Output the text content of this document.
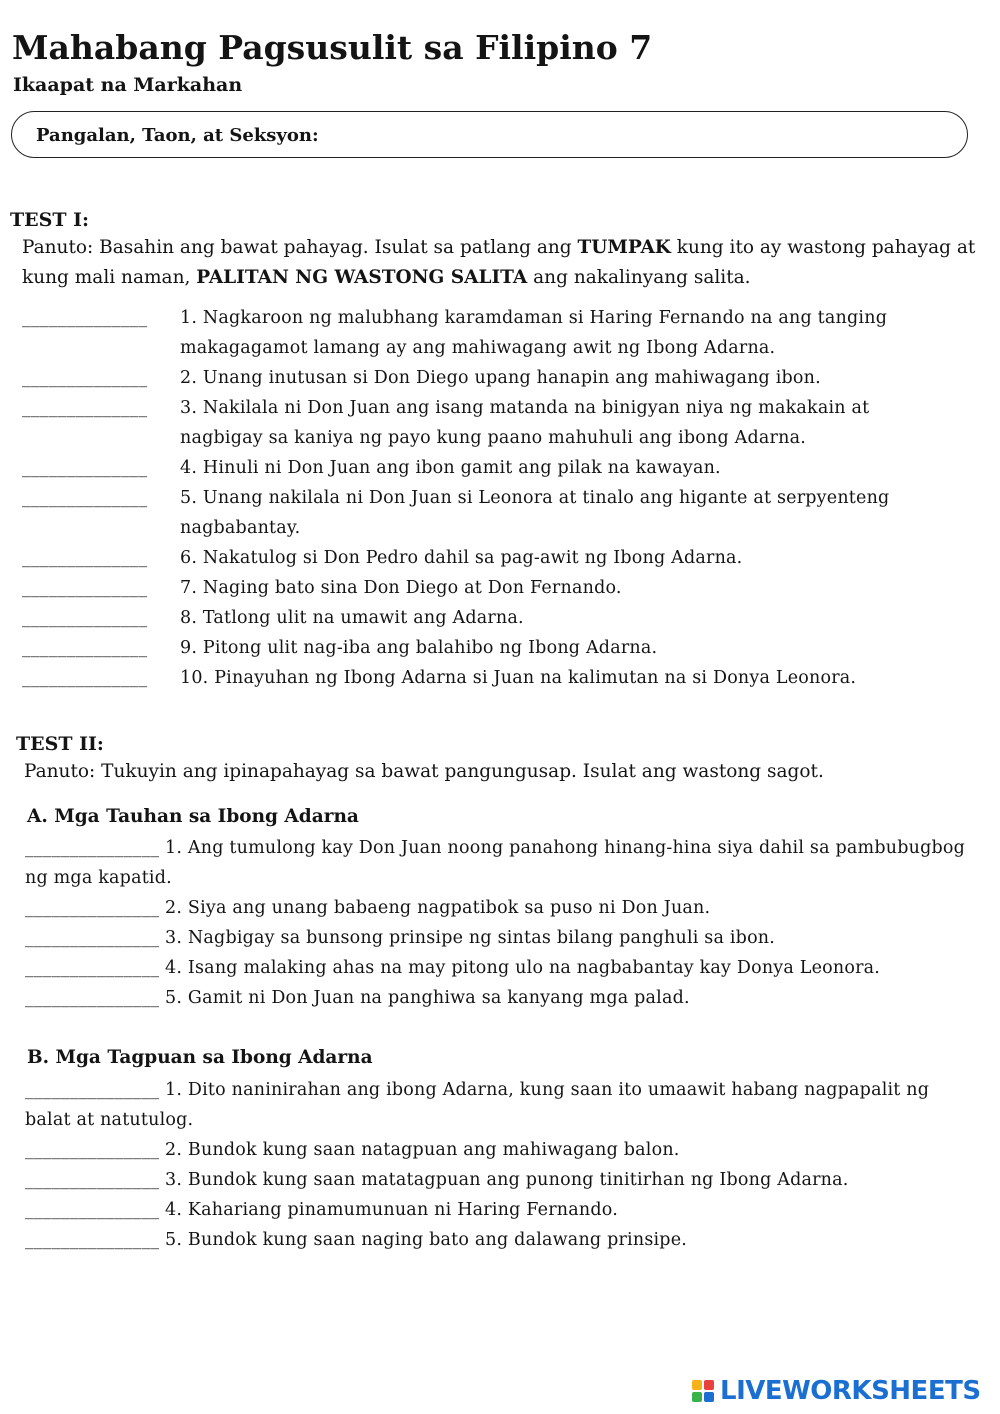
Mahabang Pagsusulit sa Filipino 7
Ikaapat na Markahan
Pangalan, Taon, at Seksyon:
TEST I:
Panuto: Basahin ang bawat pahayag. Isulat sa patlang ang TUMPAK kung ito ay wastong pahayag at kung mali naman, PALITAN NG WASTONG SALITA ang nakalinyang salita.
______________ 1. Nagkaroon ng malubhang karamdaman si Haring Fernando na ang tanging makagagamot lamang ay ang mahiwagang awit ng Ibong Adarna.
______________ 2. Unang inutusan si Don Diego upang hanapin ang mahiwagang ibon.
______________ 3. Nakilala ni Don Juan ang isang matanda na binigyan niya ng makakain at nagbigay sa kaniya ng payo kung paano mahuhuli ang ibong Adarna.
______________ 4. Hinuli ni Don Juan ang ibon gamit ang pilak na kawayan.
______________ 5. Unang nakilala ni Don Juan si Leonora at tinalo ang higante at serpyenteng nagbabantay.
______________ 6. Nakatulog si Don Pedro dahil sa pag-awit ng Ibong Adarna.
______________ 7. Naging bato sina Don Diego at Don Fernando.
______________ 8. Tatlong ulit na umawit ang Adarna.
______________ 9. Pitong ulit nag-iba ang balahibo ng Ibong Adarna.
______________ 10. Pinayuhan ng Ibong Adarna si Juan na kalimutan na si Donya Leonora.
TEST II:
Panuto: Tukuyin ang ipinapahayag sa bawat pangungusap. Isulat ang wastong sagot.
A. Mga Tauhan sa Ibong Adarna
_______________ 1. Ang tumulong kay Don Juan noong panahong hinang-hina siya dahil sa pambubugbog ng mga kapatid.
_______________ 2. Siya ang unang babaeng nagpatibok sa puso ni Don Juan.
_______________ 3. Nagbigay sa bunsong prinsipe ng sintas bilang panghuli sa ibon.
_______________ 4. Isang malaking ahas na may pitong ulo na nagbabantay kay Donya Leonora.
_______________ 5. Gamit ni Don Juan na panghiwa sa kanyang mga palad.
B. Mga Tagpuan sa Ibong Adarna
_______________ 1. Dito naninirahan ang ibong Adarna, kung saan ito umaawit habang nagpapalit ng balat at natutulog.
_______________ 2. Bundok kung saan natagpuan ang mahiwagang balon.
_______________ 3. Bundok kung saan matatagpuan ang punong tinitirhan ng Ibong Adarna.
_______________ 4. Kahariang pinamumunuan ni Haring Fernando.
_______________ 5. Bundok kung saan naging bato ang dalawang prinsipe.
LIVEWORKSHEETS
